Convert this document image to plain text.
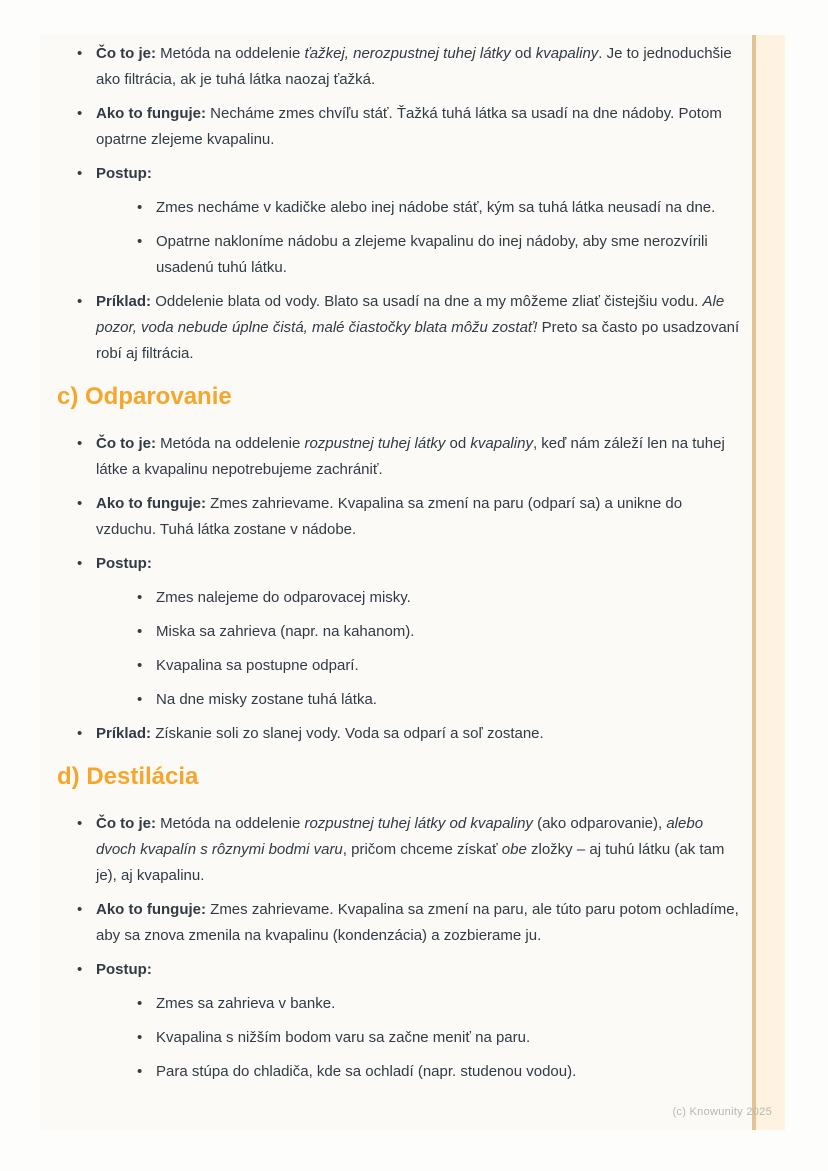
• Čo to je: Metóda na oddelenie ťažkej, nerozpustnej tuhej látky od kvapaliny. Je to jednoduchšie ako filtrácia, ak je tuhá látka naozaj ťažká.
• Ako to funguje: Necháme zmes chvíľu stáť. Ťažká tuhá látka sa usadí na dne nádoby. Potom opatrne zlejeme kvapalinu.
• Postup:
• Zmes necháme v kadičke alebo inej nádobe stáť, kým sa tuhá látka neusadí na dne.
• Opatrne nakloníme nádobu a zlejeme kvapalinu do inej nádoby, aby sme nerozvírili usadenú tuhú látku.
• Príklad: Oddelenie blata od vody. Blato sa usadí na dne a my môžeme zliať čistejšiu vodu. Ale pozor, voda nebude úplne čistá, malé čiastočky blata môžu zostať! Preto sa často po usadzovaní robí aj filtrácia.
c) Odparovanie
• Čo to je: Metóda na oddelenie rozpustnej tuhej látky od kvapaliny, keď nám záleží len na tuhej látke a kvapalinu nepotrebujeme zachrániť.
• Ako to funguje: Zmes zahrievame. Kvapalina sa zmení na paru (odparí sa) a unikne do vzduchu. Tuhá látka zostane v nádobe.
• Postup:
• Zmes nalejeme do odparovacej misky.
• Miska sa zahrieva (napr. na kahanom).
• Kvapalina sa postupne odparí.
• Na dne misky zostane tuhá látka.
• Príklad: Získanie soli zo slanej vody. Voda sa odparí a soľ zostane.
d) Destilácia
• Čo to je: Metóda na oddelenie rozpustnej tuhej látky od kvapaliny (ako odparovanie), alebo dvoch kvapalín s rôznymi bodmi varu, pričom chceme získať obe zložky – aj tuhú látku (ak tam je), aj kvapalinu.
• Ako to funguje: Zmes zahrievame. Kvapalina sa zmení na paru, ale túto paru potom ochladíme, aby sa znova zmenila na kvapalinu (kondenzácia) a zozbierame ju.
• Postup:
• Zmes sa zahrieva v banke.
• Kvapalina s nižším bodom varu sa začne meniť na paru.
• Para stúpa do chladiča, kde sa ochladí (napr. studenou vodou).
(c) Knowunity 2025
